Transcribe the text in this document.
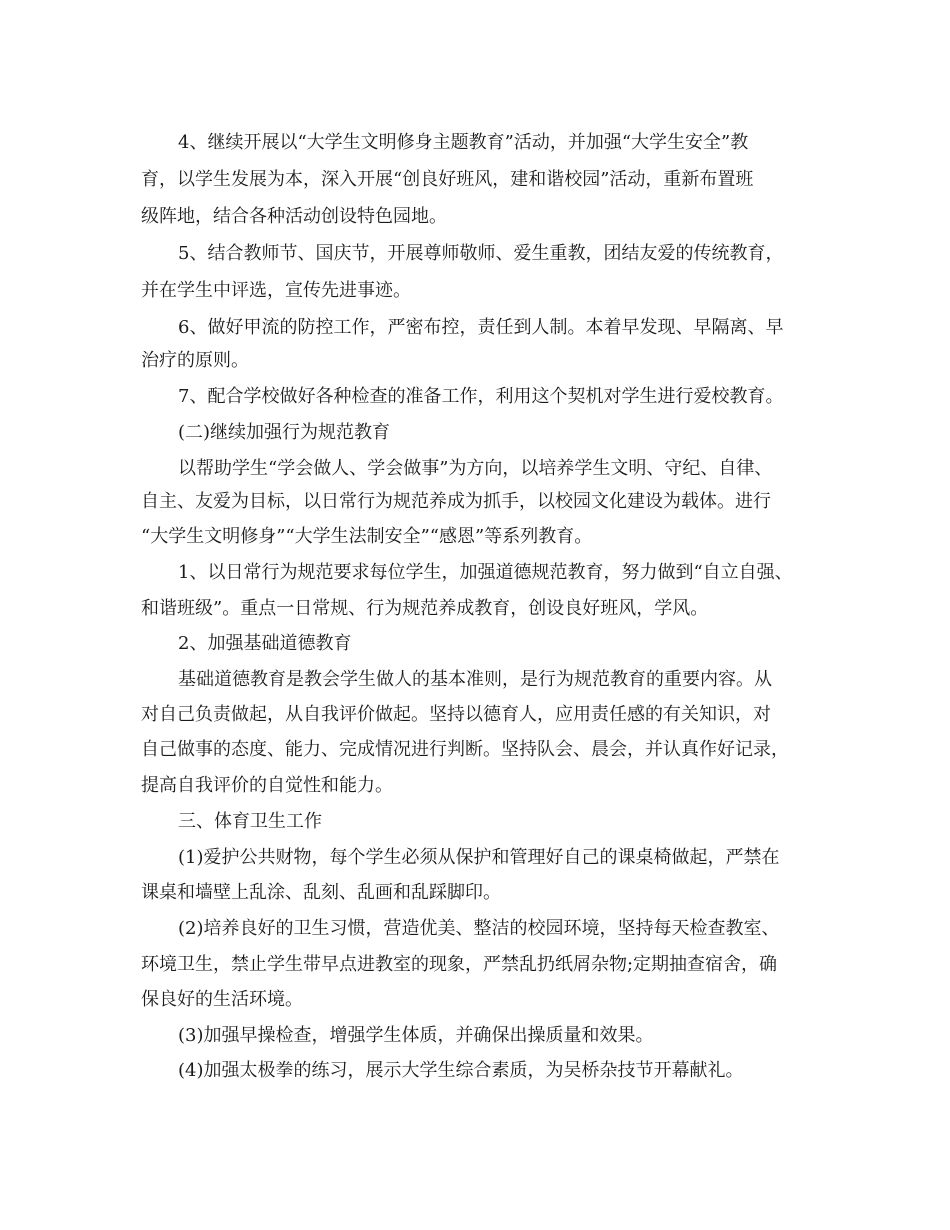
4、继续开展以“大学生文明修身主题教育”活动，并加强“大学生安全”教
育，以学生发展为本，深入开展“创良好班风，建和谐校园”活动，重新布置班
级阵地，结合各种活动创设特色园地。
5、结合教师节、国庆节，开展尊师敬师、爱生重教，团结友爱的传统教育，
并在学生中评选，宣传先进事迹。
6、做好甲流的防控工作，严密布控，责任到人制。本着早发现、早隔离、早
治疗的原则。
7、配合学校做好各种检查的准备工作，利用这个契机对学生进行爱校教育。
(二)继续加强行为规范教育
以帮助学生“学会做人、学会做事”为方向，以培养学生文明、守纪、自律、
自主、友爱为目标，以日常行为规范养成为抓手，以校园文化建设为载体。进行
“大学生文明修身”“大学生法制安全”“感恩”等系列教育。
1、以日常行为规范要求每位学生，加强道德规范教育，努力做到“自立自强、
和谐班级”。重点一日常规、行为规范养成教育，创设良好班风，学风。
2、加强基础道德教育
基础道德教育是教会学生做人的基本准则，是行为规范教育的重要内容。从
对自己负责做起，从自我评价做起。坚持以德育人，应用责任感的有关知识，对
自己做事的态度、能力、完成情况进行判断。坚持队会、晨会，并认真作好记录，
提高自我评价的自觉性和能力。
三、体育卫生工作
(1)爱护公共财物，每个学生必须从保护和管理好自己的课桌椅做起，严禁在
课桌和墙壁上乱涂、乱刻、乱画和乱踩脚印。
(2)培养良好的卫生习惯，营造优美、整洁的校园环境，坚持每天检查教室、
环境卫生，禁止学生带早点进教室的现象，严禁乱扔纸屑杂物;定期抽查宿舍，确
保良好的生活环境。
(3)加强早操检查，增强学生体质，并确保出操质量和效果。
(4)加强太极拳的练习，展示大学生综合素质，为吴桥杂技节开幕献礼。
